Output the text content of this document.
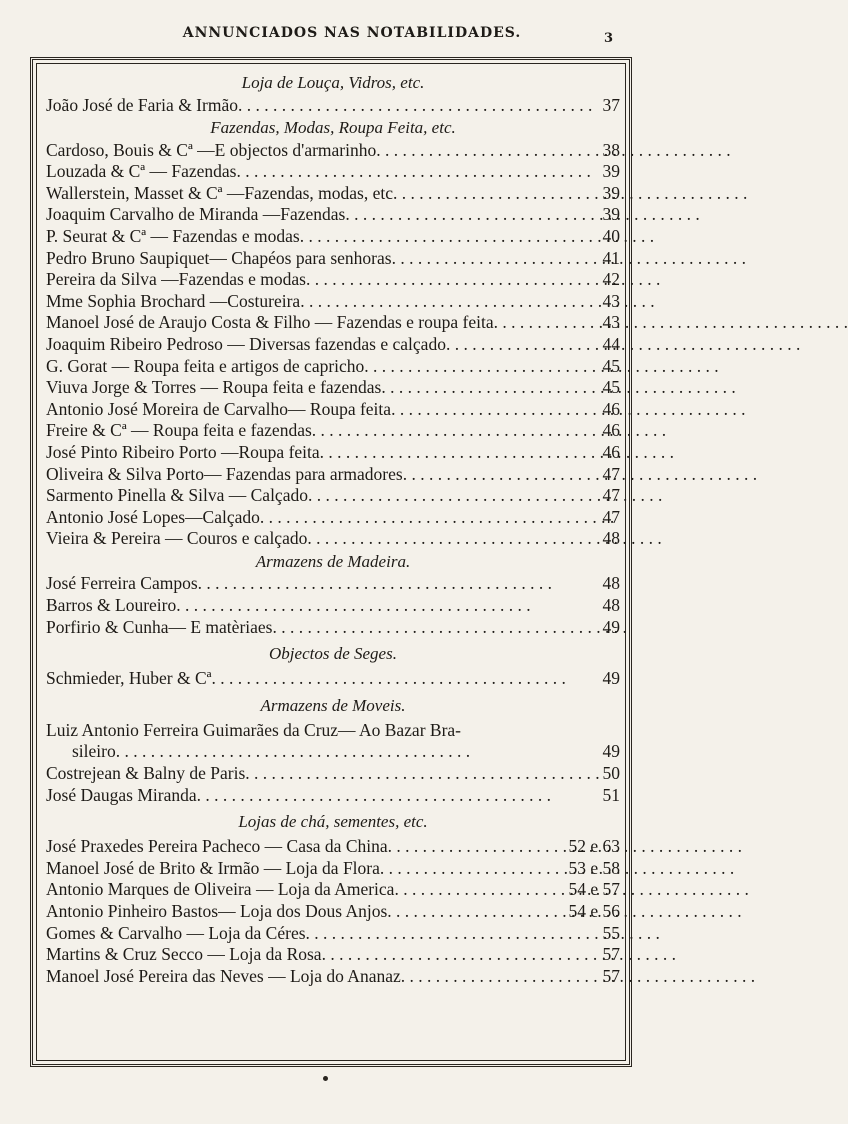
ANNUNCIADOS NAS NOTABILIDADES.	3
Loja de Louça, Vidros, etc.
João José de Faria & Irmão . .	37
Fazendas, Modas, Roupa Feita, etc.
Cardoso, Bouis & Cª —E objectos d'armarinho . .	38
Louzada & Cª — Fazendas . .	39
Wallerstein, Masset & Cª —Fazendas, modas, etc . .	39
Joaquim Carvalho de Miranda —Fazendas . .	39
P. Seurat & Cª — Fazendas e modas . .	40
Pedro Bruno Saupiquet— Chapéos para senhoras . .	41
Pereira da Silva —Fazendas e modas . .	42
Mme Sophia Brochard —Costureira . .	43
Manoel José de Araujo Costa & Filho — Fazendas e roupa feita . .	43
Joaquim Ribeiro Pedroso — Diversas fazendas e calçado . .	44
G. Gorat — Roupa feita e artigos de capricho . .	45
Viuva Jorge & Torres — Roupa feita e fazendas . .	45
Antonio José Moreira de Carvalho— Roupa feita . .	46
Freire & Cª — Roupa feita e fazendas . .	46
José Pinto Ribeiro Porto —Roupa feita . .	46
Oliveira & Silva Porto— Fazendas para armadores . .	47
Sarmento Pinella & Silva — Calçado . .	47
Antonio José Lopes—Calçado . .	47
Vieira & Pereira — Couros e calçado . .	48
Armazens de Madeira.
José Ferreira Campos . .	48
Barros & Loureiro . .	48
Porfirio & Cunha— E matèriaes . .	49
Objectos de Seges.
Schmieder, Huber & Cª . .	49
Armazens de Moveis.
Luiz Antonio Ferreira Guimarães da Cruz— Ao Bazar Bra-
sileiro . .	49
Costrejean & Balny de Paris . .	50
José Daugas Miranda . .	51
Lojas de chá, sementes, etc.
José Praxedes Pereira Pacheco — Casa da China . .	52 e 63
Manoel José de Brito & Irmão — Loja da Flora . .	53 e 58
Antonio Marques de Oliveira — Loja da America . .	54 e 57
Antonio Pinheiro Bastos— Loja dos Dous Anjos . .	54 e 56
Gomes & Carvalho — Loja da Céres . .	55
Martins & Cruz Secco — Loja da Rosa . .	57
Manoel José Pereira das Neves — Loja do Ananaz . .	57
